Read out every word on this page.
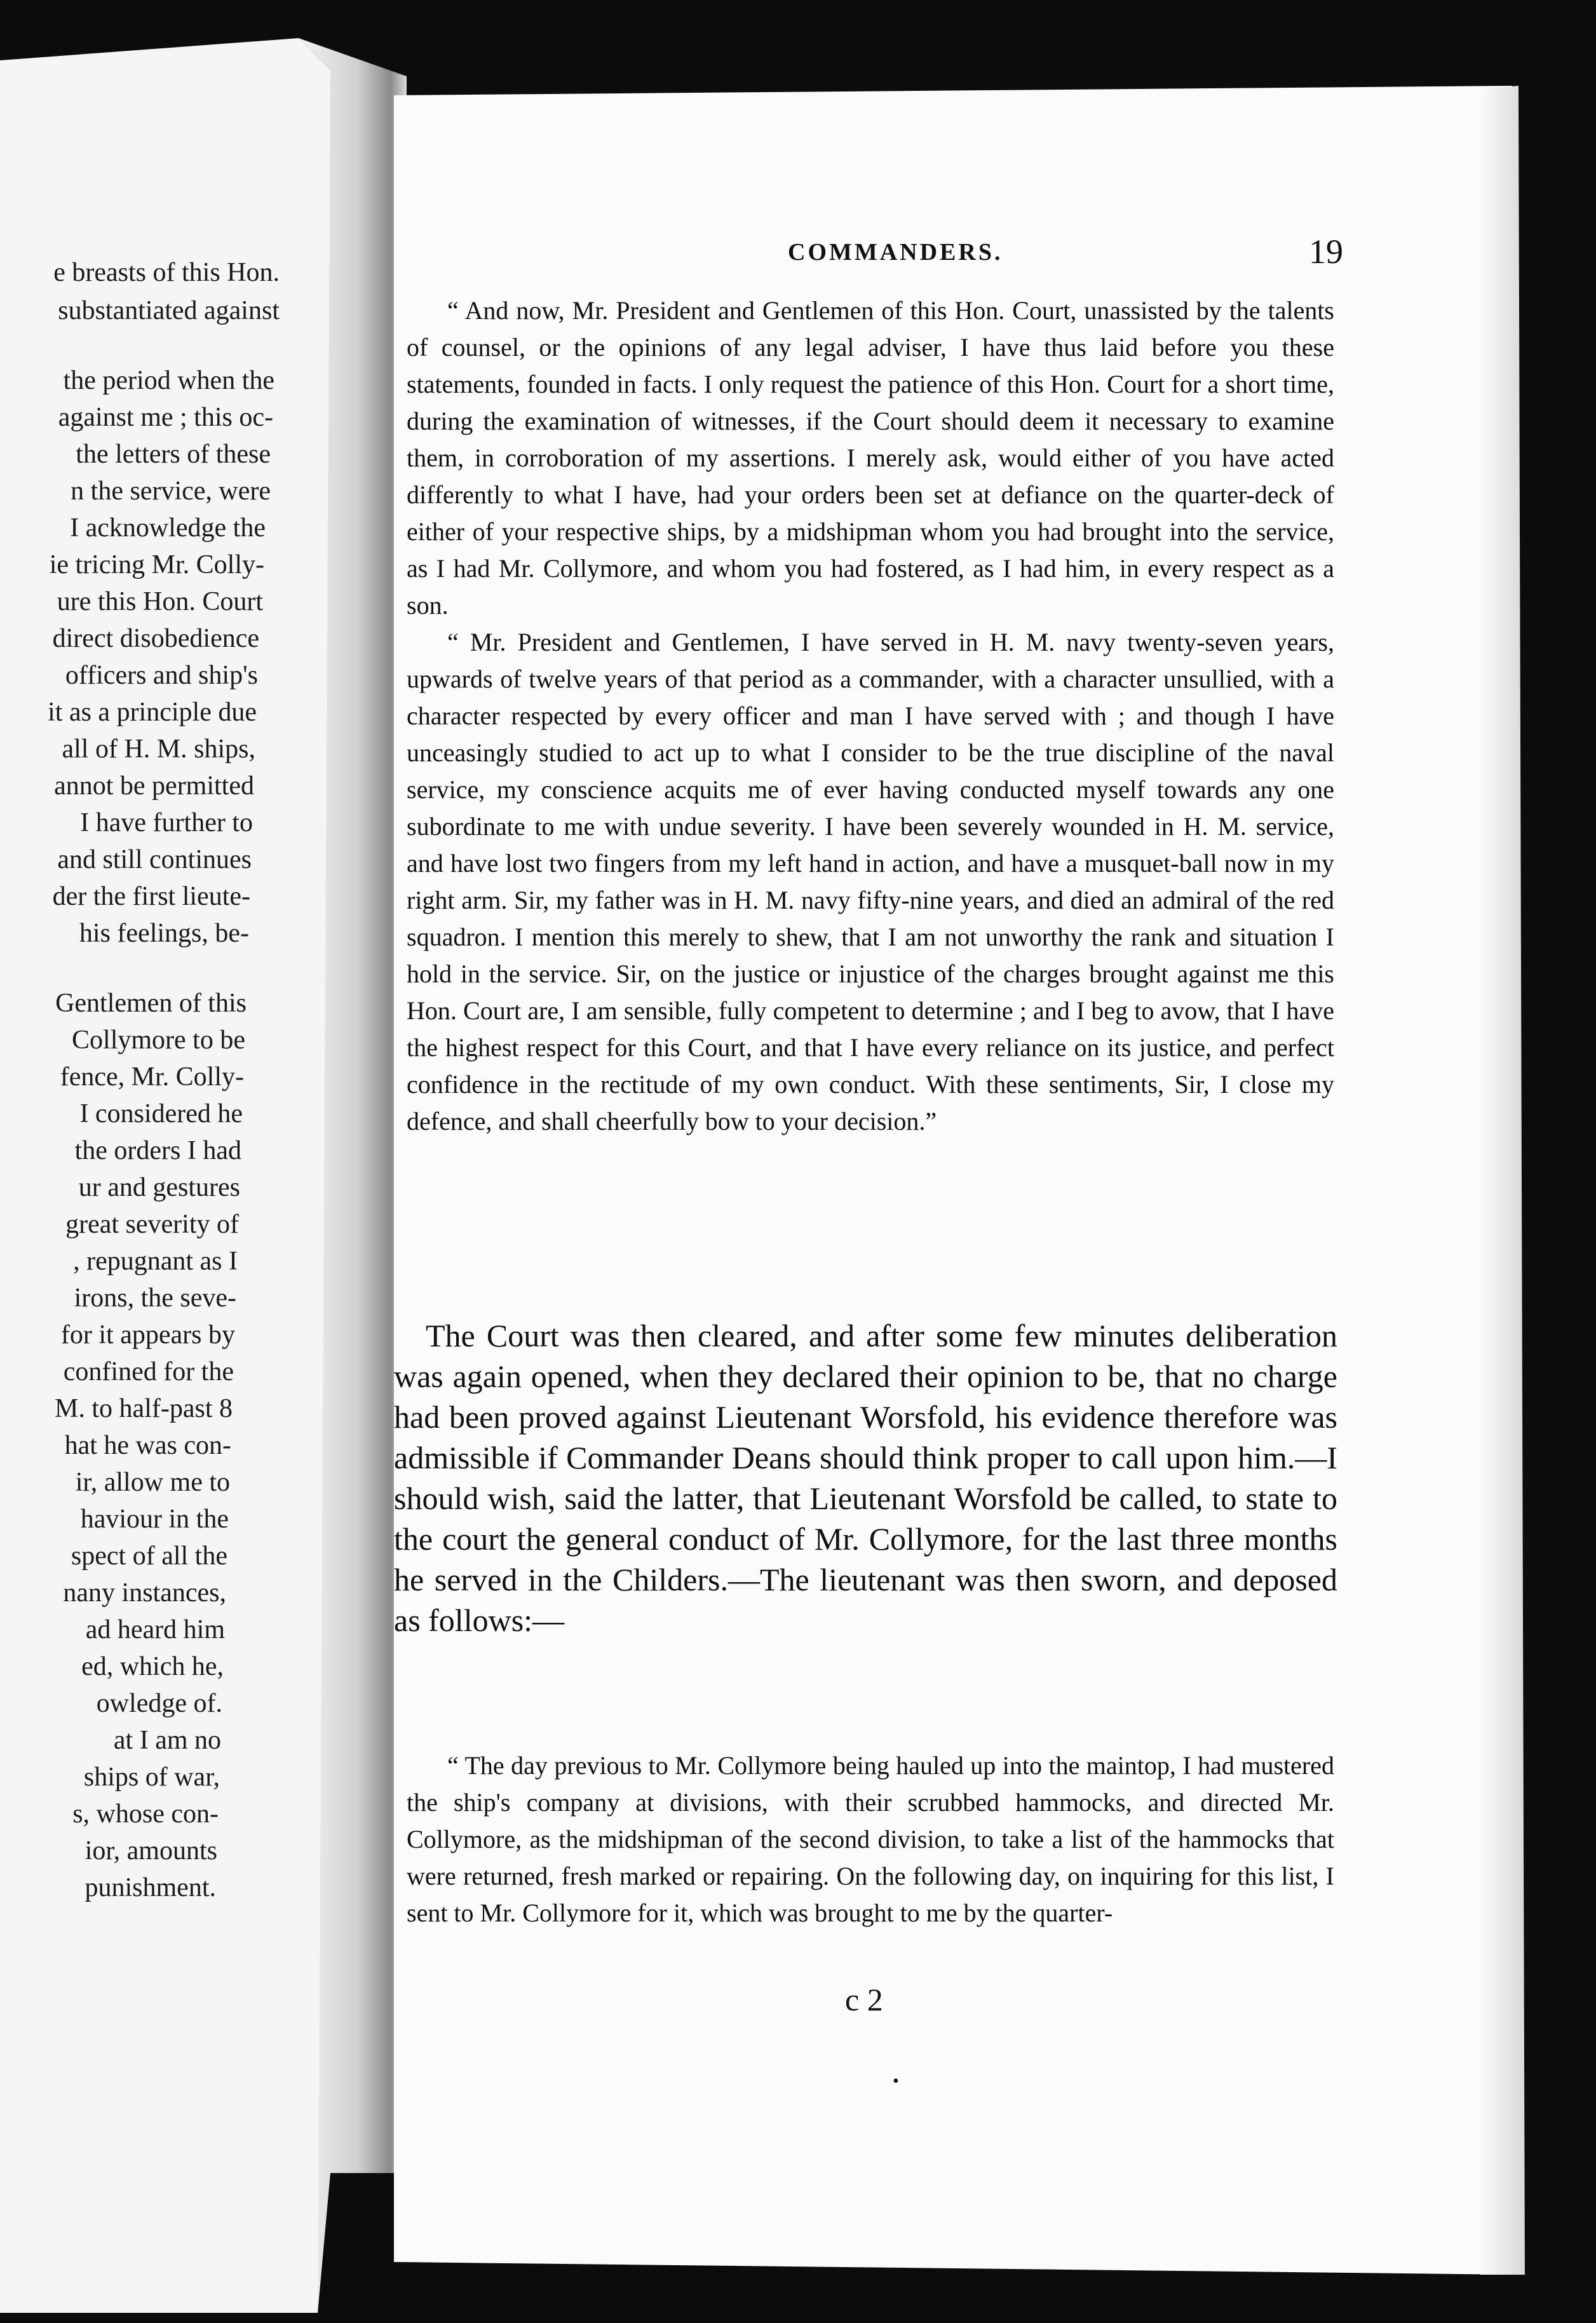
e breasts of this Hon.
substantiated against
the period when the
against me ; this oc-
the letters of these
n the service, were
I acknowledge the
ie tricing Mr. Colly-
ure this Hon. Court
direct disobedience
officers and ship's
it as a principle due
all of H. M. ships,
annot be permitted
I have further to
and still continues
der the first lieute-
his feelings, be-
Gentlemen of this
Collymore to be
fence, Mr. Colly-
I considered he
the orders I had
ur and gestures
great severity of
, repugnant as I
irons, the seve-
for it appears by
confined for the
M. to half-past 8
hat he was con-
ir, allow me to
haviour in the
spect of all the
nany instances,
ad heard him
ed, which he,
owledge of.
at I am no
ships of war,
s, whose con-
ior, amounts
punishment.
COMMANDERS.	19

“ And now, Mr. President and Gentlemen of this Hon. Court, unassisted by the talents of counsel, or the opinions of any legal adviser, I have thus laid before you these statements, founded in facts. I only request the patience of this Hon. Court for a short time, during the examination of witnesses, if the Court should deem it necessary to examine them, in corroboration of my assertions. I merely ask, would either of you have acted differently to what I have, had your orders been set at defiance on the quarter-deck of either of your respective ships, by a midshipman whom you had brought into the service, as I had Mr. Collymore, and whom you had fostered, as I had him, in every respect as a son.

“ Mr. President and Gentlemen, I have served in H. M. navy twenty-seven years, upwards of twelve years of that period as a commander, with a character unsullied, with a character respected by every officer and man I have served with ; and though I have unceasingly studied to act up to what I consider to be the true discipline of the naval service, my conscience acquits me of ever having conducted myself towards any one subordinate to me with undue severity. I have been severely wounded in H. M. service, and have lost two fingers from my left hand in action, and have a musquet-ball now in my right arm. Sir, my father was in H. M. navy fifty-nine years, and died an admiral of the red squadron. I mention this merely to shew, that I am not unworthy the rank and situation I hold in the service. Sir, on the justice or injustice of the charges brought against me this Hon. Court are, I am sensible, fully competent to determine ; and I beg to avow, that I have the highest respect for this Court, and that I have every reliance on its justice, and perfect confidence in the rectitude of my own conduct. With these sentiments, Sir, I close my defence, and shall cheerfully bow to your decision.”

The Court was then cleared, and after some few minutes deliberation was again opened, when they declared their opinion to be, that no charge had been proved against Lieutenant Worsfold, his evidence therefore was admissible if Commander Deans should think proper to call upon him.—I should wish, said the latter, that Lieutenant Worsfold be called, to state to the court the general conduct of Mr. Collymore, for the last three months he served in the Childers.—The lieutenant was then sworn, and deposed as follows:—

“ The day previous to Mr. Collymore being hauled up into the maintop, I had mustered the ship's company at divisions, with their scrubbed hammocks, and directed Mr. Collymore, as the midshipman of the second division, to take a list of the hammocks that were returned, fresh marked or repairing. On the following day, on inquiring for this list, I sent to Mr. Collymore for it, which was brought to me by the quarter-

c 2
•
